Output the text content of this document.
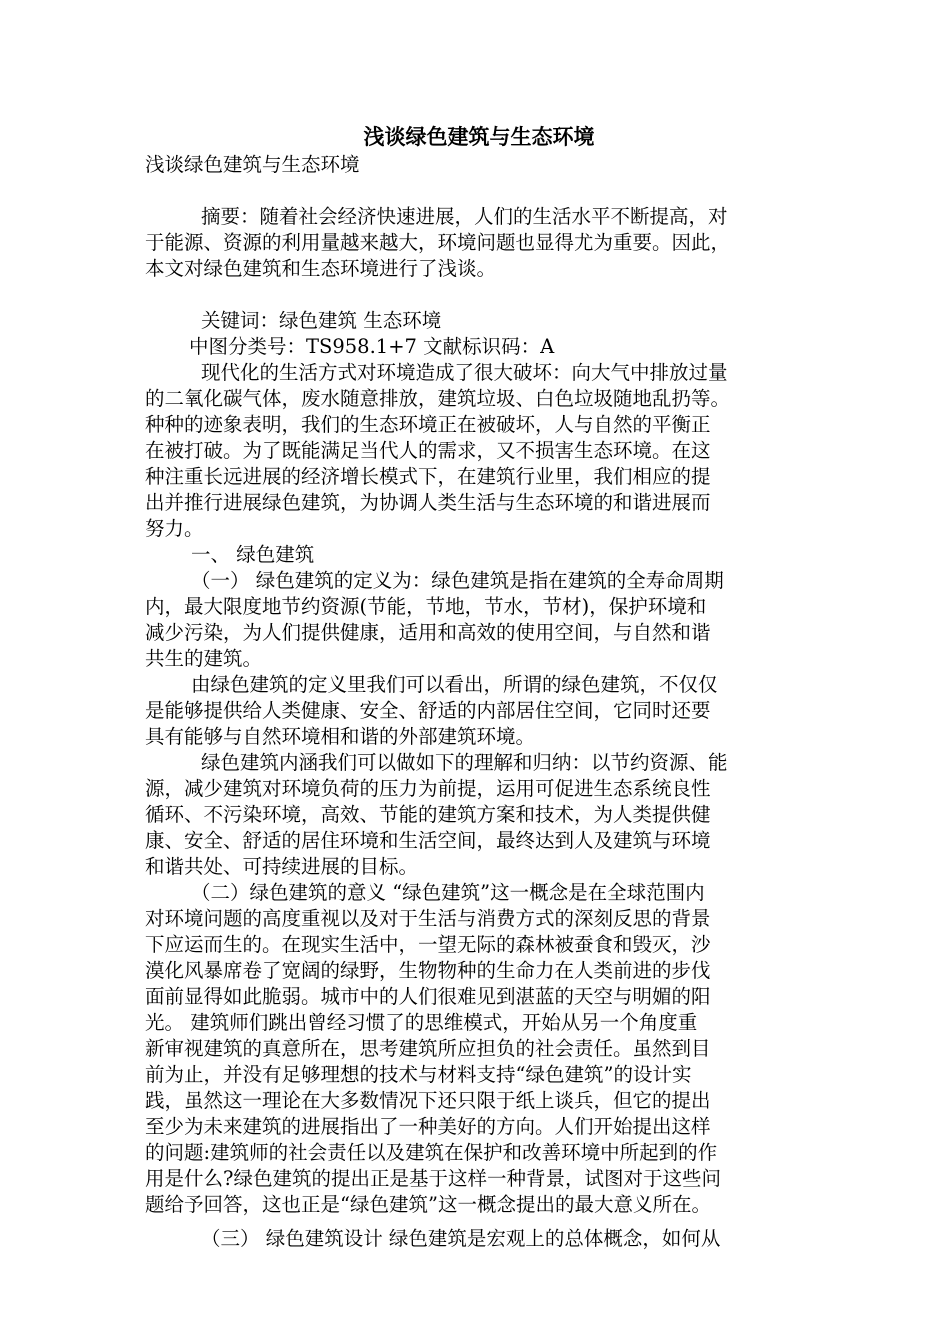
浅谈绿色建筑与生态环境

浅谈绿色建筑与生态环境

摘要：随着社会经济快速进展，人们的生活水平不断提高，对

于能源、资源的利用量越来越大，环境问题也显得尤为重要。因此，

本文对绿色建筑和生态环境进行了浅谈。

关键词：绿色建筑 生态环境

中图分类号：TS958.1+7 文献标识码：A

现代化的生活方式对环境造成了很大破坏：向大气中排放过量

的二氧化碳气体，废水随意排放，建筑垃圾、白色垃圾随地乱扔等。

种种的迹象表明，我们的生态环境正在被破坏，人与自然的平衡正

在被打破。为了既能满足当代人的需求，又不损害生态环境。在这

种注重长远进展的经济增长模式下，在建筑行业里，我们相应的提

出并推行进展绿色建筑，为协调人类生活与生态环境的和谐进展而

努力。

一、 绿色建筑

（一） 绿色建筑的定义为：绿色建筑是指在建筑的全寿命周期

内，最大限度地节约资源(节能，节地，节水，节材)，保护环境和

减少污染，为人们提供健康，适用和高效的使用空间，与自然和谐

共生的建筑。

由绿色建筑的定义里我们可以看出，所谓的绿色建筑，不仅仅

是能够提供给人类健康、安全、舒适的内部居住空间，它同时还要

具有能够与自然环境相和谐的外部建筑环境。

绿色建筑内涵我们可以做如下的理解和归纳：以节约资源、能

源，减少建筑对环境负荷的压力为前提，运用可促进生态系统良性

循环、不污染环境，高效、节能的建筑方案和技术，为人类提供健

康、安全、舒适的居住环境和生活空间，最终达到人及建筑与环境

和谐共处、可持续进展的目标。

（二）绿色建筑的意义 “绿色建筑”这一概念是在全球范围内

对环境问题的高度重视以及对于生活与消费方式的深刻反思的背景

下应运而生的。在现实生活中，一望无际的森林被蚕食和毁灭，沙

漠化风暴席卷了宽阔的绿野，生物物种的生命力在人类前进的步伐

面前显得如此脆弱。城市中的人们很难见到湛蓝的天空与明媚的阳

光。 建筑师们跳出曾经习惯了的思维模式，开始从另一个角度重

新审视建筑的真意所在，思考建筑所应担负的社会责任。虽然到目

前为止，并没有足够理想的技术与材料支持“绿色建筑”的设计实

践，虽然这一理论在大多数情况下还只限于纸上谈兵，但它的提出

至少为未来建筑的进展指出了一种美好的方向。人们开始提出这样

的问题:建筑师的社会责任以及建筑在保护和改善环境中所起到的作

用是什么?绿色建筑的提出正是基于这样一种背景，试图对于这些问

题给予回答，这也正是“绿色建筑”这一概念提出的最大意义所在。

（三） 绿色建筑设计 绿色建筑是宏观上的总体概念，如何从
